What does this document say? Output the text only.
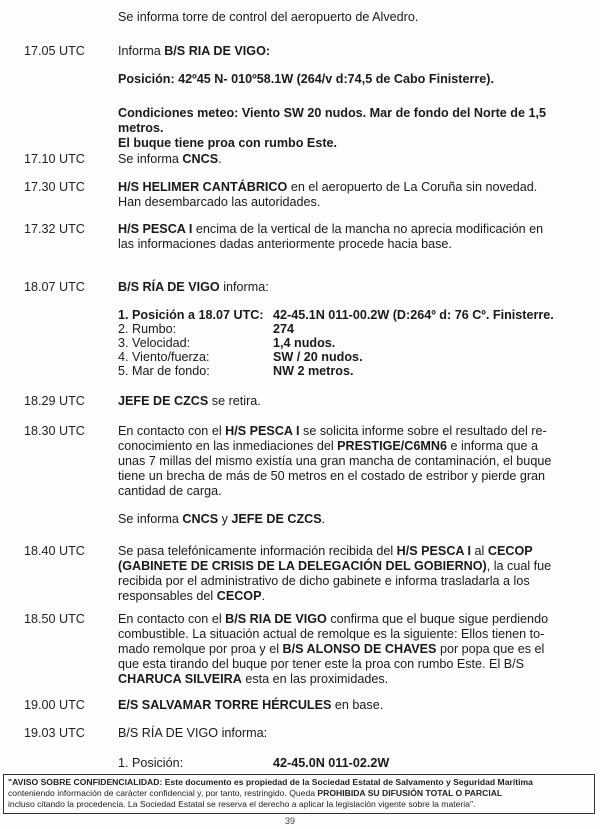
Se informa torre de control del aeropuerto de Alvedro.
17.05 UTC	Informa B/S RIA DE VIGO:
Posición: 42º45 N- 010º58.1W (264/v d:74,5 de Cabo Finisterre).
Condiciones meteo: Viento SW 20 nudos. Mar de fondo del Norte de 1,5
metros.
El buque tiene proa con rumbo Este.
17.10 UTC	Se informa CNCS.
17.30 UTC	H/S HELIMER CANTÁBRICO en el aeropuerto de La Coruña sin novedad.
Han desembarcado las autoridades.
17.32 UTC	H/S PESCA I encima de la vertical de la mancha no aprecia modificación en
las informaciones dadas anteriormente procede hacia base.
18.07 UTC	B/S RÍA DE VIGO informa:
1. Posición a 18.07 UTC: 42-45.1N 011-00.2W (D:264º d: 76 Cº. Finisterre.
2. Rumbo:	274
3. Velocidad:	1,4 nudos.
4. Viento/fuerza:	SW / 20 nudos.
5. Mar de fondo:	NW 2 metros.
18.29 UTC	JEFE DE CZCS se retira.
18.30 UTC	En contacto con el H/S PESCA I se solicita informe sobre el resultado del re-
conocimiento en las inmediaciones del PRESTIGE/C6MN6 e informa que a
unas 7 millas del mismo existía una gran mancha de contaminación, el buque
tiene un brecha de más de 50 metros en el costado de estribor y pierde gran
cantidad de carga.
Se informa CNCS y JEFE DE CZCS.
18.40 UTC	Se pasa telefónicamente información recibida del H/S PESCA I al CECOP
(GABINETE DE CRISIS DE LA DELEGACIÓN DEL GOBIERNO), la cual fue
recibida por el administrativo de dicho gabinete e informa trasladarla a los
responsables del CECOP.
18.50 UTC	En contacto con el B/S RIA DE VIGO confirma que el buque sigue perdiendo
combustible. La situación actual de remolque es la siguiente: Ellos tienen to-
mado remolque por proa y el B/S ALONSO DE CHAVES por popa que es el
que esta tirando del buque por tener este la proa con rumbo Este. El B/S
CHARUCA SILVEIRA esta en las proximidades.
19.00 UTC	E/S SALVAMAR TORRE HÉRCULES en base.
19.03 UTC	B/S RÍA DE VIGO informa:
1. Posición:	42-45.0N 011-02.2W
"AVISO SOBRE CONFIDENCIALIDAD: Este documento es propiedad de la Sociedad Estatal de Salvamento y Seguridad Marítima
conteniendo información de carácter confidencial y, por tanto, restringido. Queda PROHIBIDA SU DIFUSIÓN TOTAL O PARCIAL
incluso citando la procedencia. La Sociedad Estatal se reserva el derecho a aplicar la legislación vigente sobre la materia".
39
